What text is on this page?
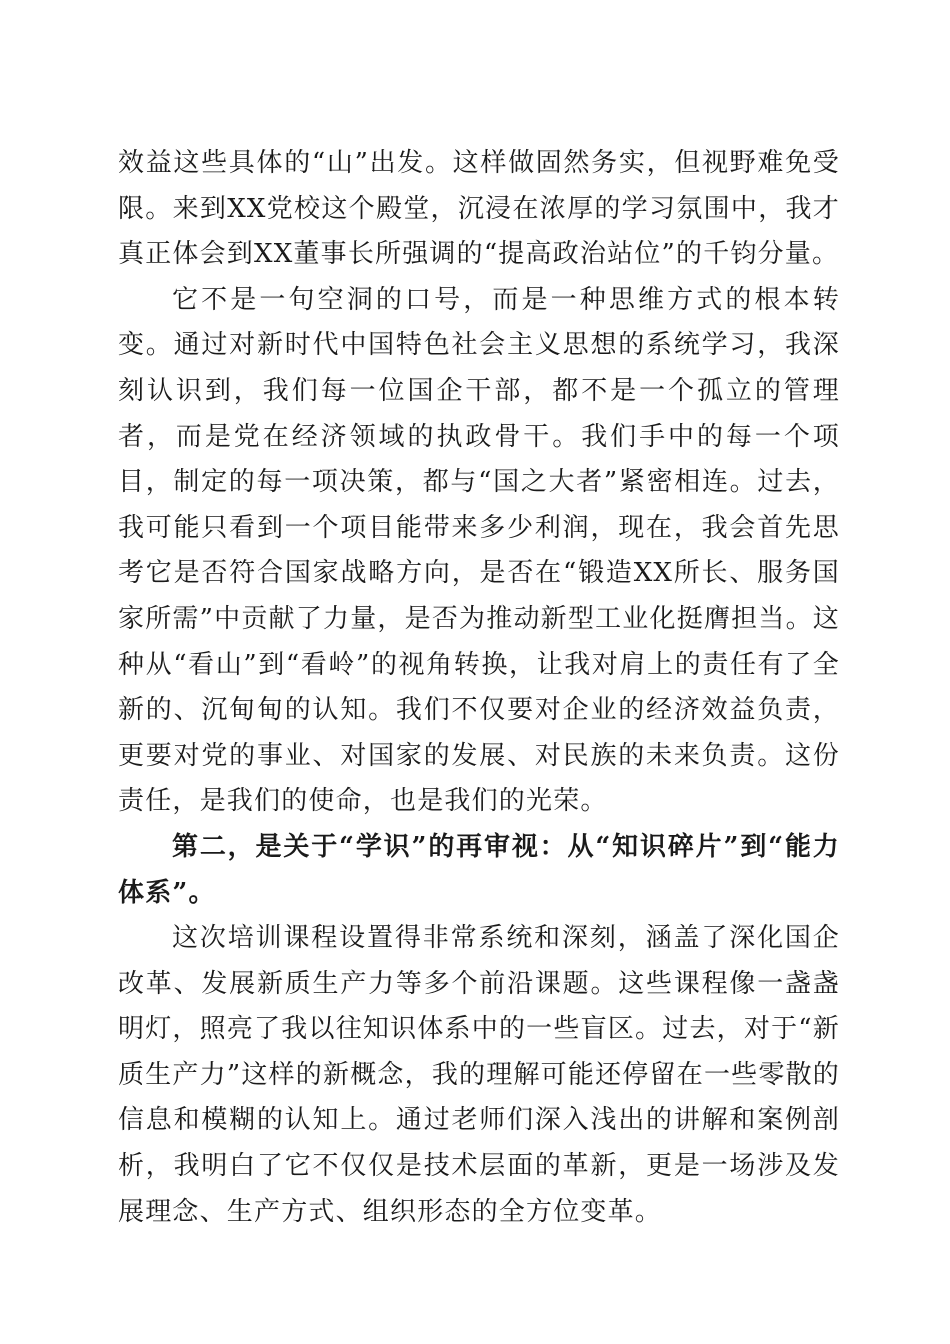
效益这些具体的“山”出发。这样做固然务实，但视野难免受限。来到XX党校这个殿堂，沉浸在浓厚的学习氛围中，我才真正体会到XX董事长所强调的“提高政治站位”的千钧分量。

它不是一句空洞的口号，而是一种思维方式的根本转变。通过对新时代中国特色社会主义思想的系统学习，我深刻认识到，我们每一位国企干部，都不是一个孤立的管理者，而是党在经济领域的执政骨干。我们手中的每一个项目，制定的每一项决策，都与“国之大者”紧密相连。过去，我可能只看到一个项目能带来多少利润，现在，我会首先思考它是否符合国家战略方向，是否在“锻造XX所长、服务国家所需”中贡献了力量，是否为推动新型工业化挺膺担当。这种从“看山”到“看岭”的视角转换，让我对肩上的责任有了全新的、沉甸甸的认知。我们不仅要对企业的经济效益负责，更要对党的事业、对国家的发展、对民族的未来负责。这份责任，是我们的使命，也是我们的光荣。

第二，是关于“学识”的再审视：从“知识碎片”到“能力体系”。

这次培训课程设置得非常系统和深刻，涵盖了深化国企改革、发展新质生产力等多个前沿课题。这些课程像一盏盏明灯，照亮了我以往知识体系中的一些盲区。过去，对于“新质生产力”这样的新概念，我的理解可能还停留在一些零散的信息和模糊的认知上。通过老师们深入浅出的讲解和案例剖析，我明白了它不仅仅是技术层面的革新，更是一场涉及发展理念、生产方式、组织形态的全方位变革。
